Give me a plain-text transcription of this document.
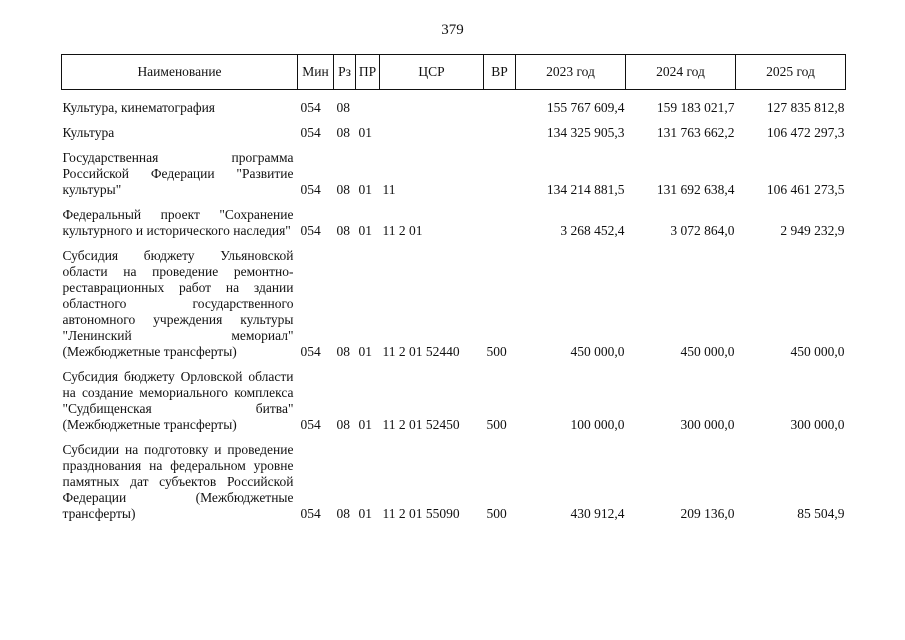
379
Наименование	Мин	Рз	ПР	ЦСР	ВР	2023 год	2024 год	2025 год

Культура, кинематография	054	08				155 767 609,4	159 183 021,7	127 835 812,8
Культура	054	08	01			134 325 905,3	131 763 662,2	106 472 297,3
Государственная программа Российской Федерации "Развитие культуры"	054	08	01	11		134 214 881,5	131 692 638,4	106 461 273,5
Федеральный проект "Сохранение культурного и исторического наследия"	054	08	01	11 2 01		3 268 452,4	3 072 864,0	2 949 232,9
Субсидия бюджету Ульяновской области на проведение ремонтно-реставрационных работ на здании областного государственного автономного учреждения культуры "Ленинский мемориал" (Межбюджетные трансферты)	054	08	01	11 2 01 52440	500	450 000,0	450 000,0	450 000,0
Субсидия бюджету Орловской области на создание мемориального комплекса "Судбищенская битва" (Межбюджетные трансферты)	054	08	01	11 2 01 52450	500	100 000,0	300 000,0	300 000,0
Субсидии на подготовку и проведение празднования на федеральном уровне памятных дат субъектов Российской Федерации (Межбюджетные трансферты)	054	08	01	11 2 01 55090	500	430 912,4	209 136,0	85 504,9
